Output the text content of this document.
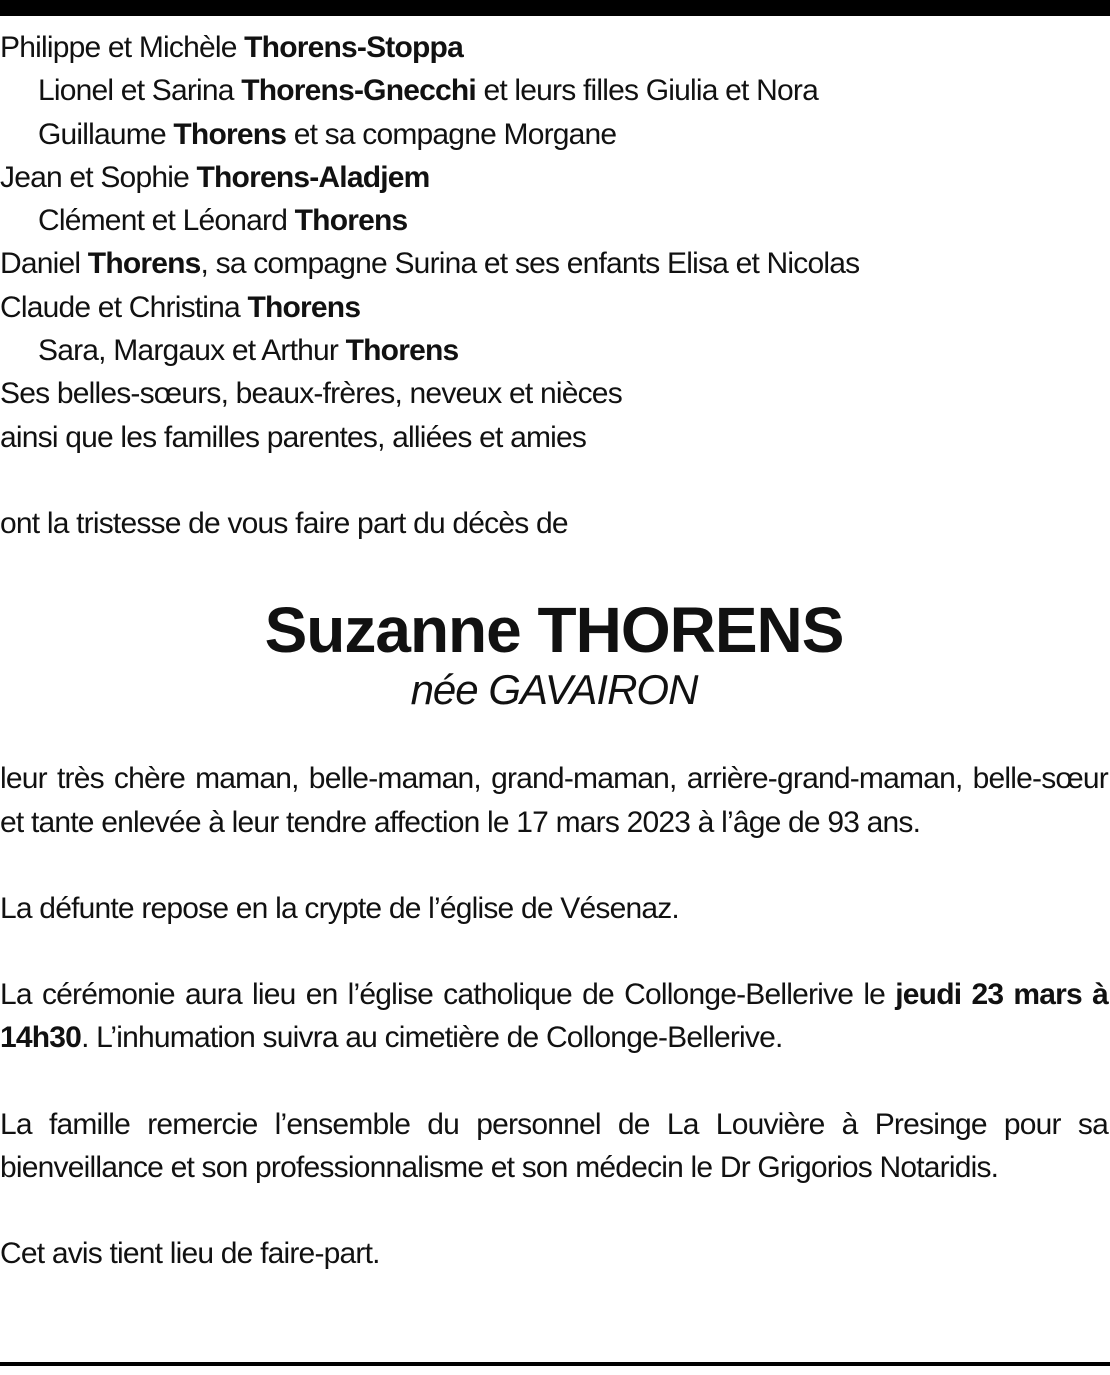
Philippe et Michèle Thorens-Stoppa
Lionel et Sarina Thorens-Gnecchi et leurs filles Giulia et Nora
Guillaume Thorens et sa compagne Morgane
Jean et Sophie Thorens-Aladjem
Clément et Léonard Thorens
Daniel Thorens, sa compagne Surina et ses enfants Elisa et Nicolas
Claude et Christina Thorens
Sara, Margaux et Arthur Thorens
Ses belles-sœurs, beaux-frères, neveux et nièces
ainsi que les familles parentes, alliées et amies
ont la tristesse de vous faire part du décès de
Suzanne THORENS
née GAVAIRON
leur très chère maman, belle-maman, grand-maman, arrière-grand-maman, belle-sœur et tante enlevée à leur tendre affection le 17 mars 2023 à l’âge de 93 ans.
La défunte repose en la crypte de l’église de Vésenaz.
La cérémonie aura lieu en l’église catholique de Collonge-Bellerive le jeudi 23 mars à 14h30. L’inhumation suivra au cimetière de Collonge-Bellerive.
La famille remercie l’ensemble du personnel de La Louvière à Presinge pour sa bienveillance et son professionnalisme et son médecin le Dr Grigorios Notaridis.
Cet avis tient lieu de faire-part.
